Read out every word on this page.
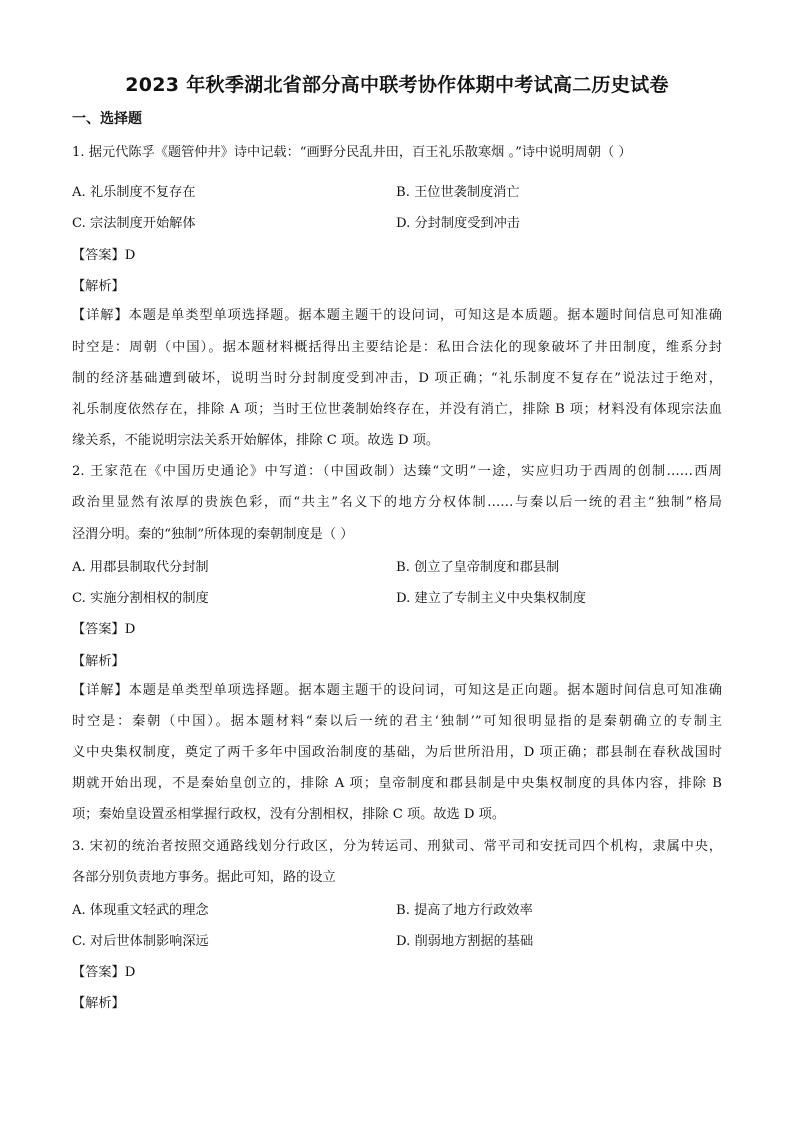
2023 年秋季湖北省部分高中联考协作体期中考试高二历史试卷
一、选择题
1. 据元代陈孚《题管仲井》诗中记载：“画野分民乱井田，百王礼乐散寒烟 。”诗中说明周朝（ ）
A. 礼乐制度不复存在	B. 王位世袭制度消亡
C. 宗法制度开始解体	D. 分封制度受到冲击
【答案】D
【解析】
【详解】本题是单类型单项选择题。据本题主题干的设问词，可知这是本质题。据本题时间信息可知准确
时空是：周朝（中国）。据本题材料概括得出主要结论是：私田合法化的现象破坏了井田制度，维系分封
制的经济基础遭到破坏，说明当时分封制度受到冲击，D 项正确；“礼乐制度不复存在”说法过于绝对，
礼乐制度依然存在，排除 A 项；当时王位世袭制始终存在，并没有消亡，排除 B 项；材料没有体现宗法血
缘关系，不能说明宗法关系开始解体，排除 C 项。故选 D 项。
2. 王家范在《中国历史通论》中写道：（中国政制）达臻“文明”一途，实应归功于西周的创制……西周
政治里显然有浓厚的贵族色彩，而“共主”名义下的地方分权体制……与秦以后一统的君主“独制”格局
泾渭分明。秦的“独制”所体现的秦朝制度是（ ）
A. 用郡县制取代分封制	B. 创立了皇帝制度和郡县制
C. 实施分割相权的制度	D. 建立了专制主义中央集权制度
【答案】D
【解析】
【详解】本题是单类型单项选择题。据本题主题干的设问词，可知这是正向题。据本题时间信息可知准确
时空是：秦朝（中国）。据本题材料“秦以后一统的君主‘独制’”可知很明显指的是秦朝确立的专制主
义中央集权制度，奠定了两千多年中国政治制度的基础，为后世所沿用，D 项正确；郡县制在春秋战国时
期就开始出现，不是秦始皇创立的，排除 A 项；皇帝制度和郡县制是中央集权制度的具体内容，排除 B
项；秦始皇设置丞相掌握行政权，没有分割相权，排除 C 项。故选 D 项。
3. 宋初的统治者按照交通路线划分行政区，分为转运司、刑狱司、常平司和安抚司四个机构，隶属中央，
各部分别负责地方事务。据此可知，路的设立
A. 体现重文轻武的理念	B. 提高了地方行政效率
C. 对后世体制影响深远	D. 削弱地方割据的基础
【答案】D
【解析】
